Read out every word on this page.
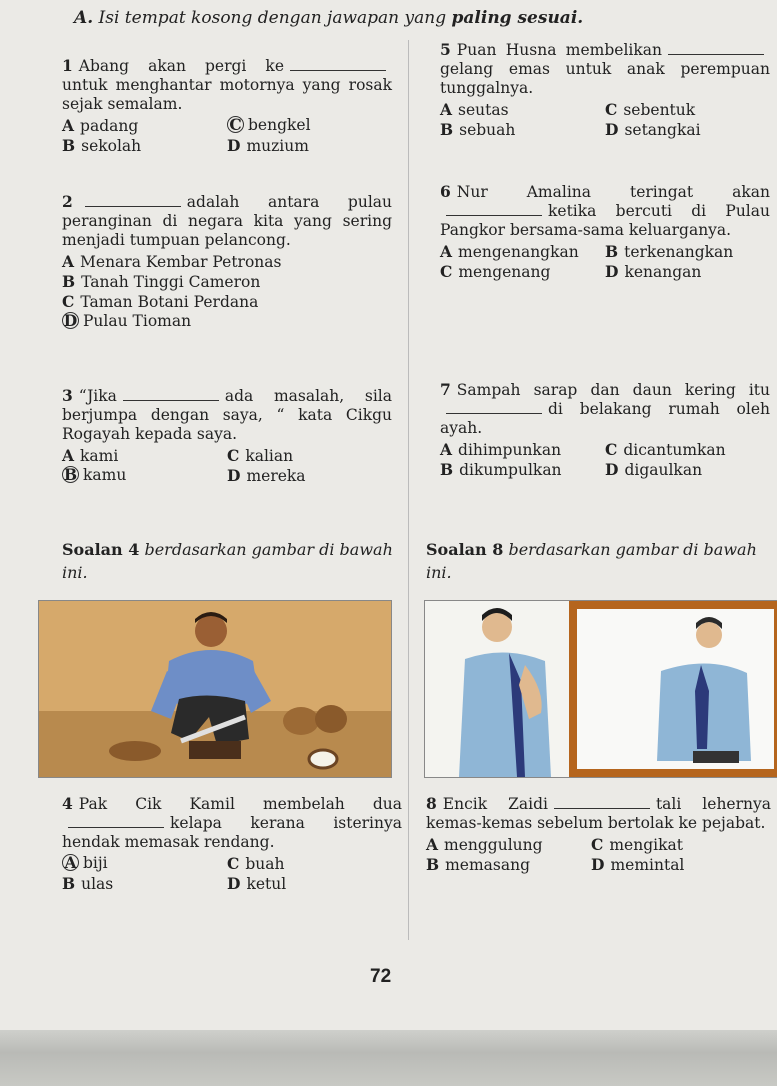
A. Isi tempat kosong dengan jawapan yang paling sesuai.
1 Abang akan pergi keuntuk menghantar motornya yang rosak sejak semalam.
A padang	C bengkel
B sekolah	D muzium
2	adalah antara pulau peranginan di negara kita yang sering menjadi tumpuan pelancong.
A Menara Kembar Petronas
B Tanah Tinggi Cameron
C Taman Botani Perdana
D Pulau Tioman
3 “Jika	ada masalah, sila berjumpa dengan saya, “ kata Cikgu Rogayah kepada saya.
A kami	C kalian
B kamu	D mereka
Soalan 4 berdasarkan gambar di bawah ini.
4 Pak Cik Kamil membelah duakelapa kerana isterinya hendak memasak rendang.
A biji	C buah
B ulas	D ketul
5 Puan Husna membelikangelang emas untuk anak perempuan tunggalnya.
A seutas	C sebentuk
B sebuah	D setangkai
6 Nur Amalina teringat akanketika bercuti di Pulau Pangkor bersama-sama keluarganya.
A mengenangkan	B terkenangkan
C mengenang	D kenangan
7 Sampah sarap dan daun kering itudi belakang rumah oleh ayah.
A dihimpunkan	C dicantumkan
B dikumpulkan	D digaulkan
Soalan 8 berdasarkan gambar di bawah ini.
8 Encik Zaidi	tali lehernya kemas-kemas sebelum bertolak ke pejabat.
A menggulung	C mengikat
B memasang	D memintal
72
